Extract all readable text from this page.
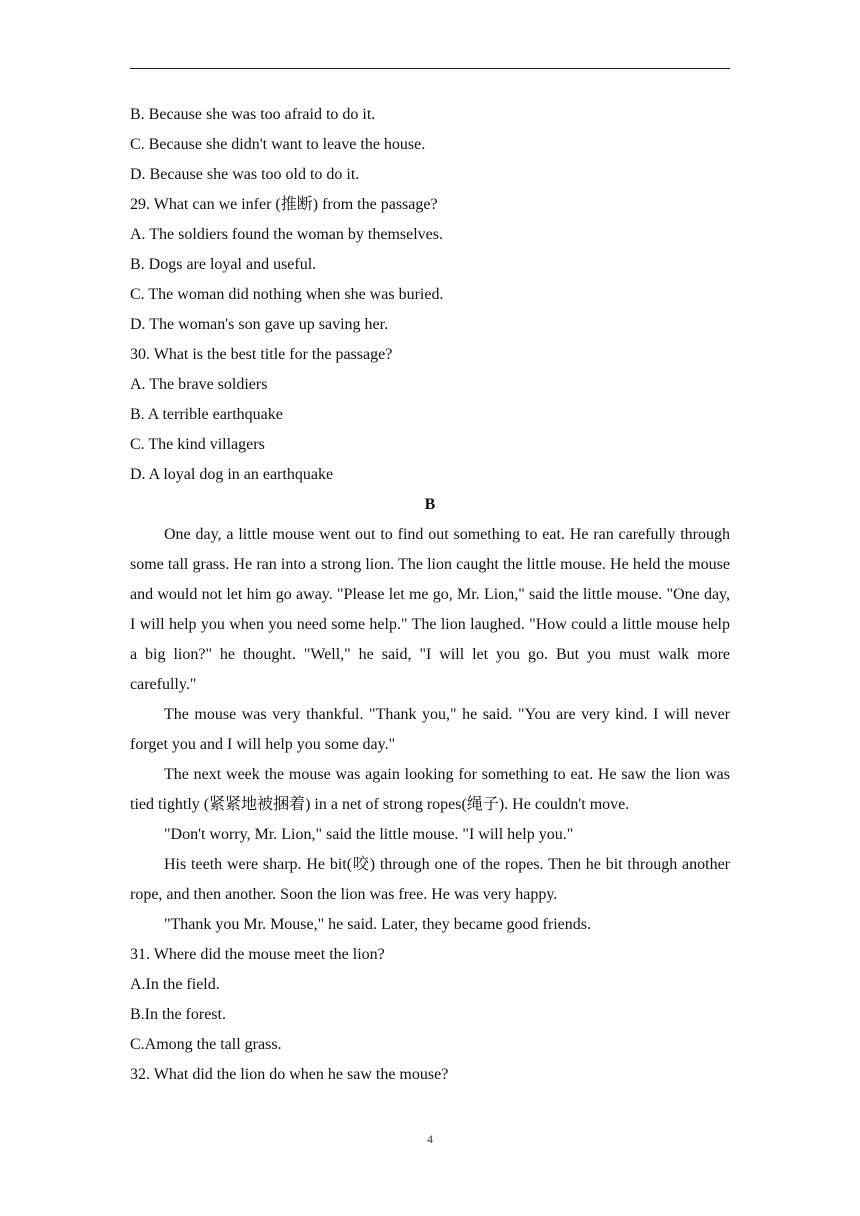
B. Because she was too afraid to do it.
C. Because she didn't want to leave the house.
D. Because she was too old to do it.
29. What can we infer (推断) from the passage?
A. The soldiers found the woman by themselves.
B. Dogs are loyal and useful.
C. The woman did nothing when she was buried.
D. The woman's son gave up saving her.
30. What is the best title for the passage?
A. The brave soldiers
B. A terrible earthquake
C. The kind villagers
D. A loyal dog in an earthquake
B

One day, a little mouse went out to find out something to eat. He ran carefully through some tall grass. He ran into a strong lion. The lion caught the little mouse. He held the mouse and would not let him go away. "Please let me go, Mr. Lion," said the little mouse. "One day, I will help you when you need some help." The lion laughed. "How could a little mouse help a big lion?" he thought. "Well," he said, "I will let you go. But you must walk more carefully."

The mouse was very thankful. "Thank you," he said. "You are very kind. I will never forget you and I will help you some day."

The next week the mouse was again looking for something to eat. He saw the lion was tied tightly (紧紧地被捆着) in a net of strong ropes(绳子). He couldn't move.

"Don't worry, Mr. Lion," said the little mouse. "I will help you."

His teeth were sharp. He bit(咬) through one of the ropes. Then he bit through another rope, and then another. Soon the lion was free. He was very happy.

"Thank you Mr. Mouse," he said. Later, they became good friends.

31. Where did the mouse meet the lion?
A.In the field.
B.In the forest.
C.Among the tall grass.
32. What did the lion do when he saw the mouse?
4
